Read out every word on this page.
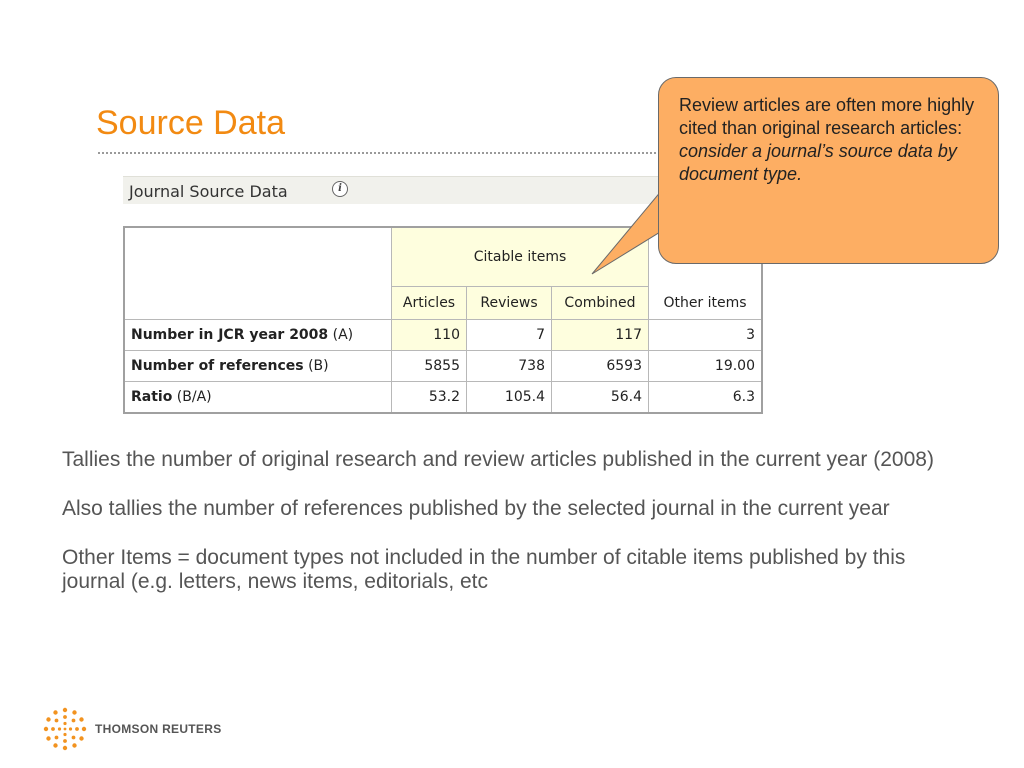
Source Data
Journal Source Data	i
	Citable items			
	Articles	Reviews	Combined	Other items
Number in JCR year 2008 (A)	110	7	117	3
Number of references (B)	5855	738	6593	19.00
Ratio (B/A)	53.2	105.4	56.4	6.3
Review articles are often more highly cited than original research articles: consider a journal’s source data by document type.

Tallies the number of original research and review articles published in the current year (2008)

Also tallies the number of references published by the selected journal in the current year

Other Items = document types not included in the number of citable items published by this journal (e.g. letters, news items, editorials, etc

THOMSON REUTERS
